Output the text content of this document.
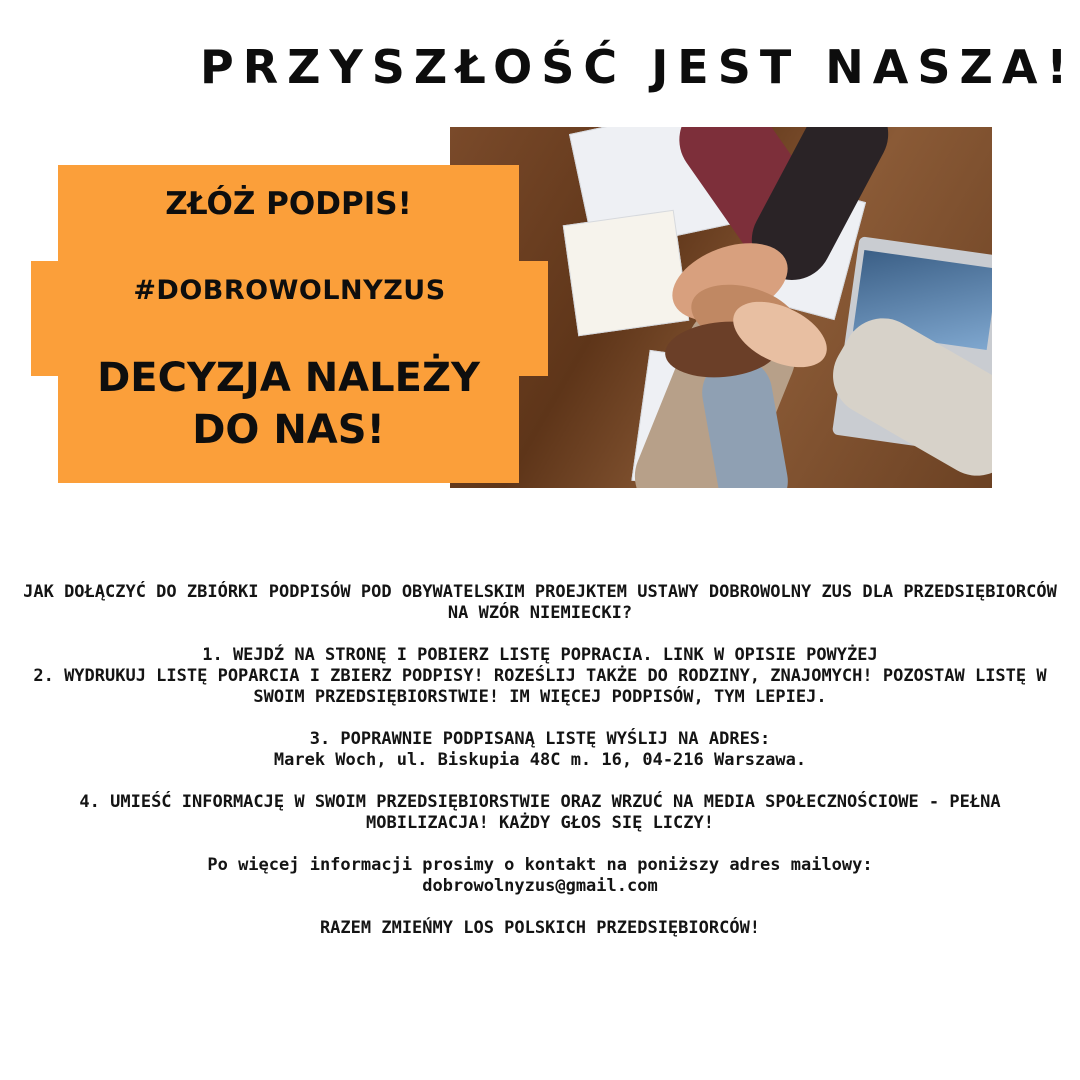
PRZYSZŁOŚĆ JEST NASZA!
ZŁÓŻ PODPIS!
#DOBROWOLNYZUS
DECYZJA NALEŻY
DO NAS!

JAK DOŁĄCZYĆ DO ZBIÓRKI PODPISÓW POD OBYWATELSKIM PROEJKTEM USTAWY DOBROWOLNY ZUS DLA PRZEDSIĘBIORCÓW NA WZÓR NIEMIECKI?

1. WEJDŹ NA STRONĘ I POBIERZ LISTĘ POPRACIA. LINK W OPISIE POWYŻEJ
2. WYDRUKUJ LISTĘ POPARCIA I ZBIERZ PODPISY! ROZEŚLIJ TAKŻE DO RODZINY, ZNAJOMYCH! POZOSTAW LISTĘ W SWOIM PRZEDSIĘBIORSTWIE! IM WIĘCEJ PODPISÓW, TYM LEPIEJ.

3. POPRAWNIE PODPISANĄ LISTĘ WYŚLIJ NA ADRES:
Marek Woch, ul. Biskupia 48C m. 16, 04-216 Warszawa.

4. UMIEŚĆ INFORMACJĘ W SWOIM PRZEDSIĘBIORSTWIE ORAZ WRZUĆ NA MEDIA SPOŁECZNOŚCIOWE - PEŁNA MOBILIZACJA! KAŻDY GŁOS SIĘ LICZY!

Po więcej informacji prosimy o kontakt na poniższy adres mailowy:
dobrowolnyzus@gmail.com

RAZEM ZMIEŃMY LOS POLSKICH PRZEDSIĘBIORCÓW!
